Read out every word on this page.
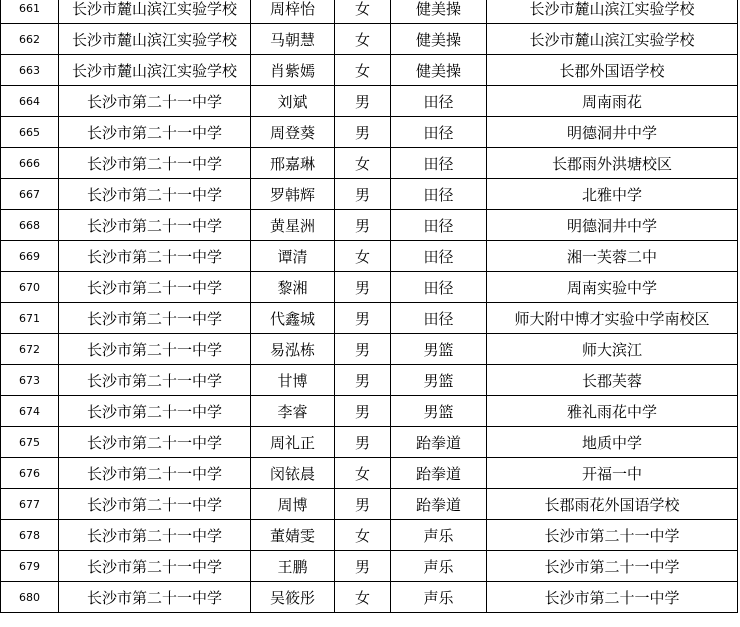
661	长沙市麓山滨江实验学校	周梓怡	女	健美操	长沙市麓山滨江实验学校
662	长沙市麓山滨江实验学校	马朝慧	女	健美操	长沙市麓山滨江实验学校
663	长沙市麓山滨江实验学校	肖紫嫣	女	健美操	长郡外国语学校
664	长沙市第二十一中学	刘斌	男	田径	周南雨花
665	长沙市第二十一中学	周登葵	男	田径	明德洞井中学
666	长沙市第二十一中学	邢嘉琳	女	田径	长郡雨外洪塘校区
667	长沙市第二十一中学	罗韩辉	男	田径	北雅中学
668	长沙市第二十一中学	黄星洲	男	田径	明德洞井中学
669	长沙市第二十一中学	谭清	女	田径	湘一芙蓉二中
670	长沙市第二十一中学	黎湘	男	田径	周南实验中学
671	长沙市第二十一中学	代鑫城	男	田径	师大附中博才实验中学南校区
672	长沙市第二十一中学	易泓栋	男	男篮	师大滨江
673	长沙市第二十一中学	甘博	男	男篮	长郡芙蓉
674	长沙市第二十一中学	李睿	男	男篮	雅礼雨花中学
675	长沙市第二十一中学	周礼正	男	跆拳道	地质中学
676	长沙市第二十一中学	闵铱晨	女	跆拳道	开福一中
677	长沙市第二十一中学	周博	男	跆拳道	长郡雨花外国语学校
678	长沙市第二十一中学	董婧雯	女	声乐	长沙市第二十一中学
679	长沙市第二十一中学	王鹏	男	声乐	长沙市第二十一中学
680	长沙市第二十一中学	吴筱彤	女	声乐	长沙市第二十一中学
